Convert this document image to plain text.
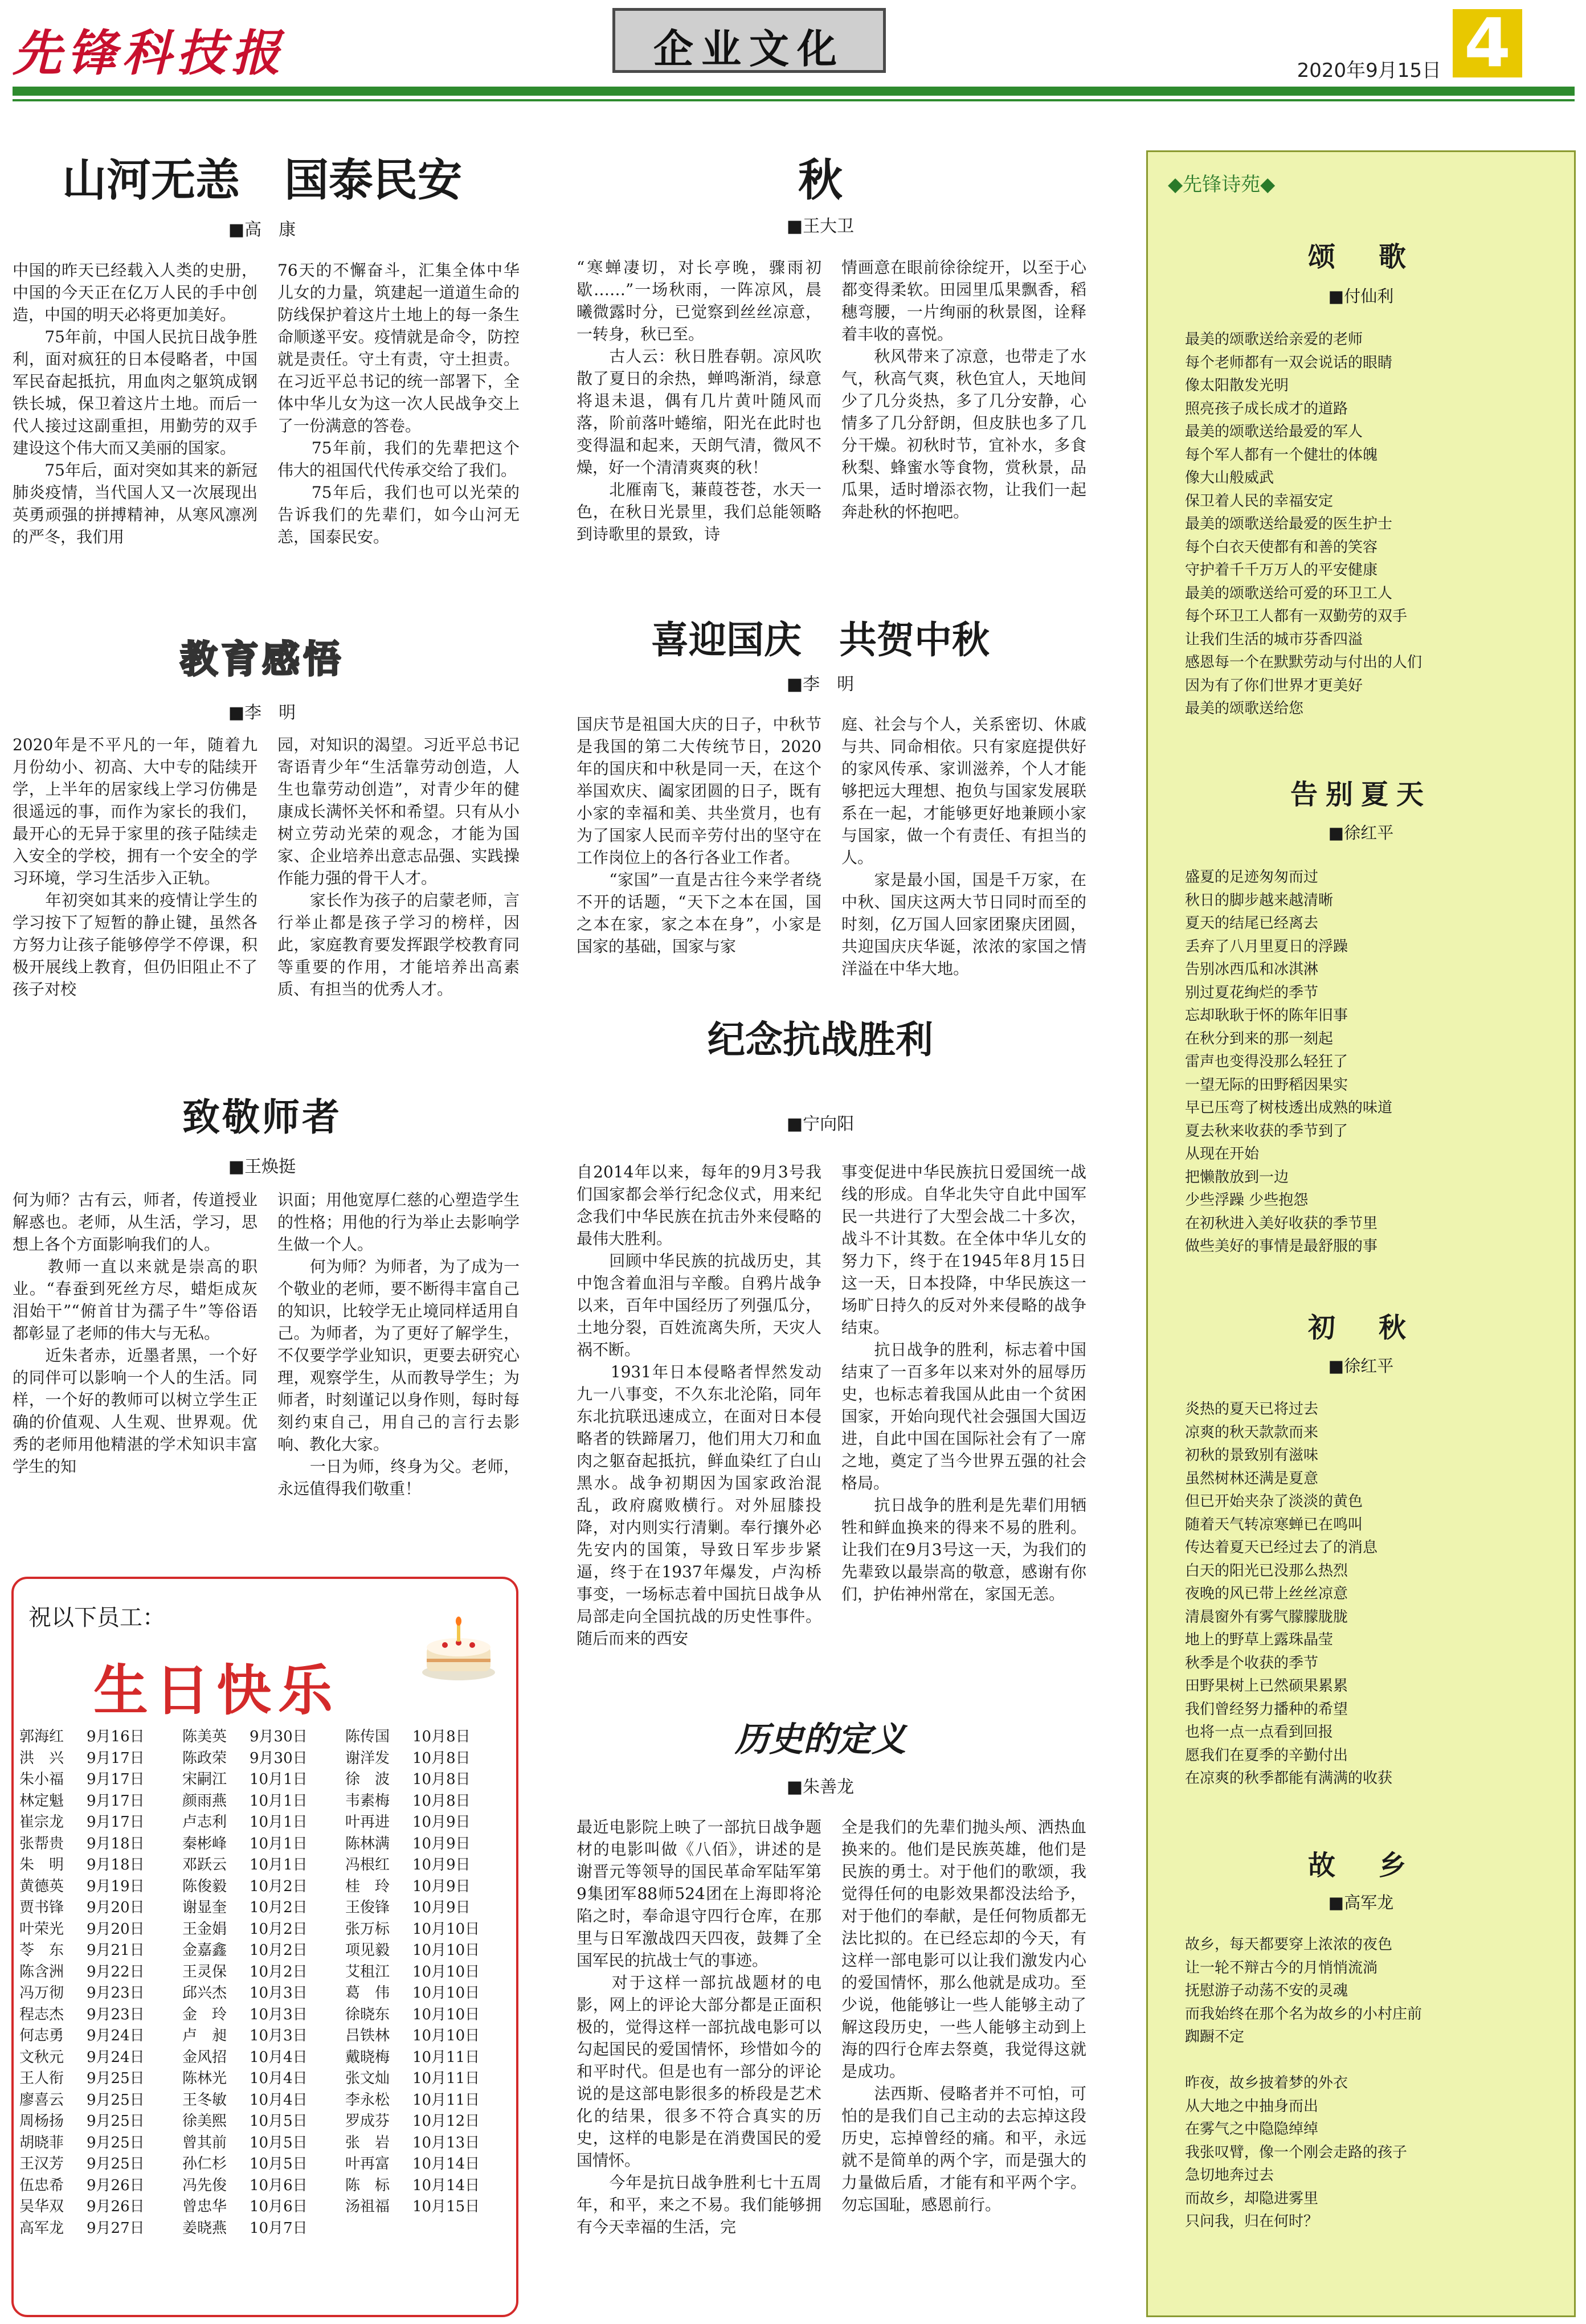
先锋科技报	企业文化	4
2020年9月15日
山河无恙　国泰民安
■高　康
中国的昨天已经载入人类的史册，中国的今天正在亿万人民的手中创造，中国的明天必将更加美好。
　　75年前，中国人民抗日战争胜利，面对疯狂的日本侵略者，中国军民奋起抵抗，用血肉之躯筑成钢铁长城，保卫着这片土地。而后一代人接过这副重担，用勤劳的双手建设这个伟大而又美丽的国家。
　　75年后，面对突如其来的新冠肺炎疫情，当代国人又一次展现出英勇顽强的拼搏精神，从寒风凛冽的严冬，我们用
76天的不懈奋斗，汇集全体中华儿女的力量，筑建起一道道生命的防线保护着这片土地上的每一条生命顺遂平安。疫情就是命令，防控就是责任。守土有责，守土担责。在习近平总书记的统一部署下，全体中华儿女为这一次人民战争交上了一份满意的答卷。
　　75年前，我们的先辈把这个伟大的祖国代代传承交给了我们。
　　75年后，我们也可以光荣的告诉我们的先辈们，如今山河无恙，国泰民安。
教育感悟
■李　明
2020年是不平凡的一年，随着九月份幼小、初高、大中专的陆续开学，上半年的居家线上学习仿佛是很遥远的事，而作为家长的我们，最开心的无异于家里的孩子陆续走入安全的学校，拥有一个安全的学习环境，学习生活步入正轨。
　　年初突如其来的疫情让学生的学习按下了短暂的静止键，虽然各方努力让孩子能够停学不停课，积极开展线上教育，但仍旧阻止不了孩子对校
园，对知识的渴望。习近平总书记寄语青少年“生活靠劳动创造，人生也靠劳动创造”，对青少年的健康成长满怀关怀和希望。只有从小树立劳动光荣的观念，才能为国家、企业培养出意志品强、实践操作能力强的骨干人才。
　　家长作为孩子的启蒙老师，言行举止都是孩子学习的榜样，因此，家庭教育要发挥跟学校教育同等重要的作用，才能培养出高素质、有担当的优秀人才。
致敬师者
■王焕挺
何为师？古有云，师者，传道授业解惑也。老师，从生活，学习，思想上各个方面影响我们的人。
　　教师一直以来就是崇高的职业。“春蚕到死丝方尽，蜡炬成灰泪始干”“俯首甘为孺子牛”等俗语都彰显了老师的伟大与无私。
　　近朱者赤，近墨者黑，一个好的同伴可以影响一个人的生活。同样，一个好的教师可以树立学生正确的价值观、人生观、世界观。优秀的老师用他精湛的学术知识丰富学生的知
识面；用他宽厚仁慈的心塑造学生的性格；用他的行为举止去影响学生做一个人。
　　何为师？为师者，为了成为一个敬业的老师，要不断得丰富自己的知识，比较学无止境同样适用自己。为师者，为了更好了解学生，不仅要学学业知识，更要去研究心理，观察学生，从而教导学生；为师者，时刻谨记以身作则，每时每刻约束自己，用自己的言行去影响、教化大家。
　　一日为师，终身为父。老师，永远值得我们敬重！
祝以下员工：
生日快乐
郭海红	9月16日	陈美英	9月30日	陈传国	10月8日
洪　兴	9月17日	陈政荣	9月30日	谢洋发	10月8日
朱小福	9月17日	宋嗣江	10月1日	徐　波	10月8日
林定魁	9月17日	颜雨燕	10月1日	韦素梅	10月8日
崔宗龙	9月17日	卢志利	10月1日	叶再进	10月9日
张帮贵	9月18日	秦彬峰	10月1日	陈林满	10月9日
朱　明	9月18日	邓跃云	10月1日	冯根红	10月9日
黄德英	9月19日	陈俊毅	10月2日	桂　玲	10月9日
贾书锋	9月20日	谢显奎	10月2日	王俊锋	10月9日
叶荣光	9月20日	王金娟	10月2日	张万标	10月10日
苓　东	9月21日	金嘉鑫	10月2日	项见毅	10月10日
陈含洲	9月22日	王灵保	10月2日	艾租江	10月10日
冯万彻	9月23日	邱兴杰	10月3日	葛　伟	10月10日
程志杰	9月23日	金　玲	10月3日	徐晓东	10月10日
何志勇	9月24日	卢　昶	10月3日	吕铁林	10月10日
文秋元	9月24日	金风招	10月4日	戴晓梅	10月11日
王人衔	9月25日	陈林光	10月4日	张文灿	10月11日
廖喜云	9月25日	王冬敏	10月4日	李永松	10月11日
周杨扬	9月25日	徐美熙	10月5日	罗成芬	10月12日
胡晓菲	9月25日	曾其前	10月5日	张　岩	10月13日
王汉芳	9月25日	孙仁杉	10月5日	叶再富	10月14日
伍忠希	9月26日	冯先俊	10月6日	陈　标	10月14日
吴华双	9月26日	曾忠华	10月6日	汤祖福	10月15日
高军龙	9月27日	姜晓燕	10月7日		
秋
■王大卫
“寒蝉凄切，对长亭晚，骤雨初歇……”一场秋雨，一阵凉风，晨曦微露时分，已觉察到丝丝凉意，一转身，秋已至。
　　古人云：秋日胜春朝。凉风吹散了夏日的余热，蝉鸣渐消，绿意将退未退，偶有几片黄叶随风而落，阶前落叶蜷缩，阳光在此时也变得温和起来，天朗气清，微风不燥，好一个清清爽爽的秋！
　　北雁南飞，蒹葭苍苍，水天一色，在秋日光景里，我们总能领略到诗歌里的景致，诗
情画意在眼前徐徐绽开，以至于心都变得柔软。田园里瓜果飘香，稻穗弯腰，一片绚丽的秋景图，诠释着丰收的喜悦。
　　秋风带来了凉意，也带走了水气，秋高气爽，秋色宜人，天地间少了几分炎热，多了几分安静，心情多了几分舒朗，但皮肤也多了几分干燥。初秋时节，宜补水，多食秋梨、蜂蜜水等食物，赏秋景，品瓜果，适时增添衣物，让我们一起奔赴秋的怀抱吧。
喜迎国庆　共贺中秋
■李　明
国庆节是祖国大庆的日子，中秋节是我国的第二大传统节日，2020年的国庆和中秋是同一天，在这个举国欢庆、阖家团圆的日子，既有小家的幸福和美、共坐赏月，也有为了国家人民而辛劳付出的坚守在工作岗位上的各行各业工作者。
　　“家国”一直是古往今来学者绕不开的话题，“天下之本在国，国之本在家，家之本在身”，小家是国家的基础，国家与家
庭、社会与个人，关系密切、休戚与共、同命相依。只有家庭提供好的家风传承、家训滋养，个人才能够把远大理想、抱负与国家发展联系在一起，才能够更好地兼顾小家与国家，做一个有责任、有担当的人。
　　家是最小国，国是千万家，在中秋、国庆这两大节日同时而至的时刻，亿万国人回家团聚庆团圆，共迎国庆庆华诞，浓浓的家国之情洋溢在中华大地。
纪念抗战胜利
■宁向阳
自2014年以来，每年的9月3号我们国家都会举行纪念仪式，用来纪念我们中华民族在抗击外来侵略的最伟大胜利。
　　回顾中华民族的抗战历史，其中饱含着血泪与辛酸。自鸦片战争以来，百年中国经历了列强瓜分，土地分裂，百姓流离失所，天灾人祸不断。
　　1931年日本侵略者悍然发动九一八事变，不久东北沦陷，同年东北抗联迅速成立，在面对日本侵略者的铁蹄屠刀，他们用大刀和血肉之躯奋起抵抗，鲜血染红了白山黑水。战争初期因为国家政治混乱，政府腐败横行。对外屈膝投降，对内则实行清剿。奉行攘外必先安内的国策，导致日军步步紧逼，终于在1937年爆发，卢沟桥事变，一场标志着中国抗日战争从局部走向全国抗战的历史性事件。随后而来的西安
事变促进中华民族抗日爱国统一战线的形成。自华北失守自此中国军民一共进行了大型会战二十多次，战斗不计其数。在全体中华儿女的努力下，终于在1945年8月15日这一天，日本投降，中华民族这一场旷日持久的反对外来侵略的战争结束。
　　抗日战争的胜利，标志着中国结束了一百多年以来对外的屈辱历史，也标志着我国从此由一个贫困国家，开始向现代社会强国大国迈进，自此中国在国际社会有了一席之地，奠定了当今世界五强的社会格局。
　　抗日战争的胜利是先辈们用牺牲和鲜血换来的得来不易的胜利。让我们在9月3号这一天，为我们的先辈致以最崇高的敬意，感谢有你们，护佑神州常在，家国无恙。
历史的定义
■朱善龙
最近电影院上映了一部抗日战争题材的电影叫做《八佰》，讲述的是谢晋元等领导的国民革命军陆军第9集团军88师524团在上海即将沦陷之时，奉命退守四行仓库，在那里与日军激战四天四夜，鼓舞了全国军民的抗战士气的事迹。
　　对于这样一部抗战题材的电影，网上的评论大部分都是正面积极的，觉得这样一部抗战电影可以勾起国民的爱国情怀，珍惜如今的和平时代。但是也有一部分的评论说的是这部电影很多的桥段是艺术化的结果，很多不符合真实的历史，这样的电影是在消费国民的爱国情怀。
　　今年是抗日战争胜利七十五周年，和平，来之不易。我们能够拥有今天幸福的生活，完
全是我们的先辈们抛头颅、洒热血换来的。他们是民族英雄，他们是民族的勇士。对于他们的歌颂，我觉得任何的电影效果都没法给予，对于他们的奉献，是任何物质都无法比拟的。在已经忘却的今天，有这样一部电影可以让我们激发内心的爱国情怀，那么他就是成功。至少说，他能够让一些人能够主动了解这段历史，一些人能够主动到上海的四行仓库去祭奠，我觉得这就是成功。
　　法西斯、侵略者并不可怕，可怕的是我们自己主动的去忘掉这段历史，忘掉曾经的痛。和平，永远就不是简单的两个字，而是强大的力量做后盾，才能有和平两个字。勿忘国耻，感恩前行。
◆先锋诗苑◆
颂　歌
■付仙利
最美的颂歌送给亲爱的老师
每个老师都有一双会说话的眼睛
像太阳散发光明
照亮孩子成长成才的道路
最美的颂歌送给最爱的军人
每个军人都有一个健壮的体魄
像大山般威武
保卫着人民的幸福安定
最美的颂歌送给最爱的医生护士
每个白衣天使都有和善的笑容
守护着千千万万人的平安健康
最美的颂歌送给可爱的环卫工人
每个环卫工人都有一双勤劳的双手
让我们生活的城市芬香四溢
感恩每一个在默默劳动与付出的人们
因为有了你们世界才更美好
最美的颂歌送给您
告别夏天
■徐红平
盛夏的足迹匆匆而过
秋日的脚步越来越清晰
夏天的结尾已经离去
丢弃了八月里夏日的浮躁
告别冰西瓜和冰淇淋
别过夏花绚烂的季节
忘却耿耿于怀的陈年旧事
在秋分到来的那一刻起
雷声也变得没那么轻狂了
一望无际的田野稻因果实
早已压弯了树枝透出成熟的味道
夏去秋来收获的季节到了
从现在开始
把懒散放到一边
少些浮躁 少些抱怨
在初秋进入美好收获的季节里
做些美好的事情是最舒服的事
初　秋
■徐红平
炎热的夏天已将过去
凉爽的秋天款款而来
初秋的景致别有滋味
虽然树林还满是夏意
但已开始夹杂了淡淡的黄色
随着天气转凉寒蝉已在鸣叫
传达着夏天已经过去了的消息
白天的阳光已没那么热烈
夜晚的风已带上丝丝凉意
清晨窗外有雾气朦朦胧胧
地上的野草上露珠晶莹
秋季是个收获的季节
田野果树上已然硕果累累
我们曾经努力播种的希望
也将一点一点看到回报
愿我们在夏季的辛勤付出
在凉爽的秋季都能有满满的收获
故　乡
■高军龙
故乡，每天都要穿上浓浓的夜色
让一轮不辩古今的月悄悄流淌
抚慰游子动荡不安的灵魂
而我始终在那个名为故乡的小村庄前
踟蹰不定

昨夜，故乡披着梦的外衣
从大地之中抽身而出
在雾气之中隐隐绰绰
我张叹臂，像一个刚会走路的孩子
急切地奔过去
而故乡，却隐进雾里
只问我，归在何时？
